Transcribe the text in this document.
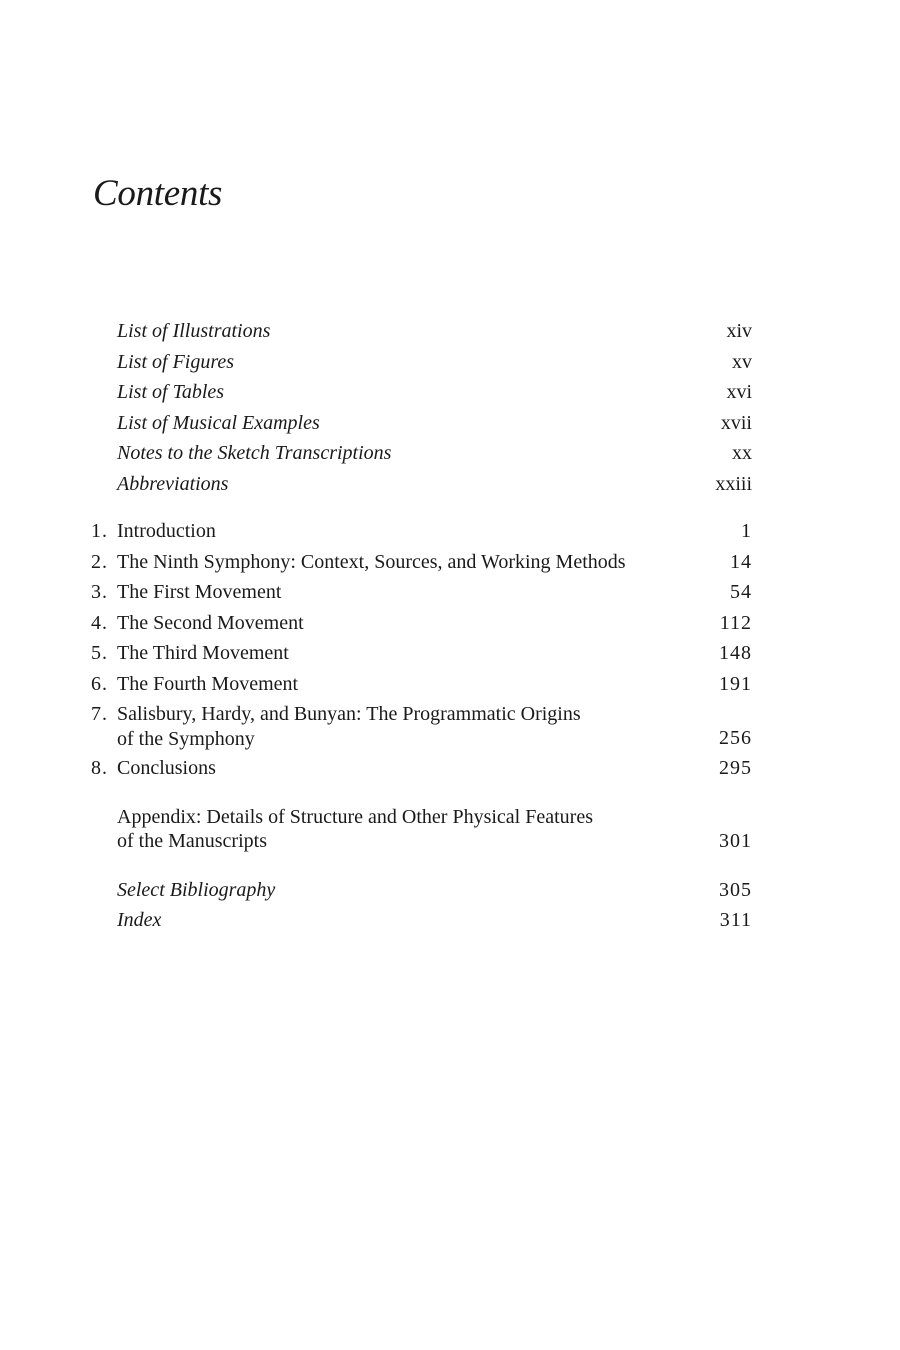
Contents
List of Illustrations	xiv
List of Figures	xv
List of Tables	xvi
List of Musical Examples	xvii
Notes to the Sketch Transcriptions	xx
Abbreviations	xxiii
1. Introduction	1
2. The Ninth Symphony: Context, Sources, and Working Methods	14
3. The First Movement	54
4. The Second Movement	112
5. The Third Movement	148
6. The Fourth Movement	191
7. Salisbury, Hardy, and Bunyan: The Programmatic Origins
of the Symphony	256
8. Conclusions	295
Appendix: Details of Structure and Other Physical Features
of the Manuscripts	301
Select Bibliography	305
Index	311
